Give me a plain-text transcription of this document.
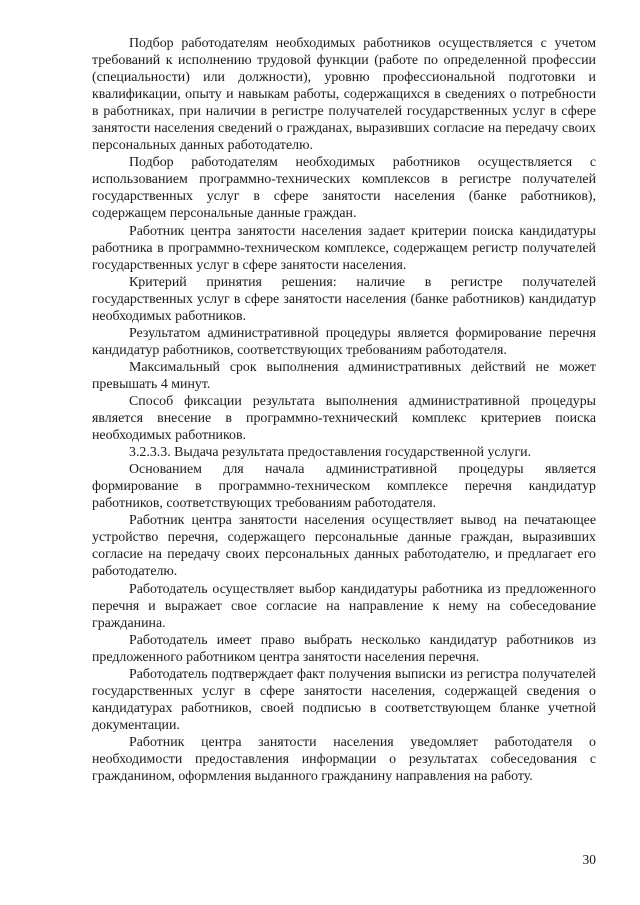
Подбор работодателям необходимых работников осуществляется с учетом требований к исполнению трудовой функции (работе по определенной профессии (специальности) или должности), уровню профессиональной подготовки и квалификации, опыту и навыкам работы, содержащихся в сведениях о потребности в работниках, при наличии в регистре получателей государственных услуг в сфере занятости населения сведений о гражданах, выразивших согласие на передачу своих персональных данных работодателю.

Подбор работодателям необходимых работников осуществляется с использованием программно-технических комплексов в регистре получателей государственных услуг в сфере занятости населения (банке работников), содержащем персональные данные граждан.

Работник центра занятости населения задает критерии поиска кандидатуры работника в программно-техническом комплексе, содержащем регистр получателей государственных услуг в сфере занятости населения.

Критерий принятия решения: наличие в регистре получателей государственных услуг в сфере занятости населения (банке работников) кандидатур необходимых работников.

Результатом административной процедуры является формирование перечня кандидатур работников, соответствующих требованиям работодателя.

Максимальный срок выполнения административных действий не может превышать 4 минут.

Способ фиксации результата выполнения административной процедуры является внесение в программно-технический комплекс критериев поиска необходимых работников.

3.2.3.3. Выдача результата предоставления государственной услуги.

Основанием для начала административной процедуры является формирование в программно-техническом комплексе перечня кандидатур работников, соответствующих требованиям работодателя.

Работник центра занятости населения осуществляет вывод на печатающее устройство перечня, содержащего персональные данные граждан, выразивших согласие на передачу своих персональных данных работодателю, и предлагает его работодателю.

Работодатель осуществляет выбор кандидатуры работника из предложенного перечня и выражает свое согласие на направление к нему на собеседование гражданина.

Работодатель имеет право выбрать несколько кандидатур работников из предложенного работником центра занятости населения перечня.

Работодатель подтверждает факт получения выписки из регистра получателей государственных услуг в сфере занятости населения, содержащей сведения о кандидатурах работников, своей подписью в соответствующем бланке учетной документации.

Работник центра занятости населения уведомляет работодателя о необходимости предоставления информации о результатах собеседования с гражданином, оформления выданного гражданину направления на работу.

30
